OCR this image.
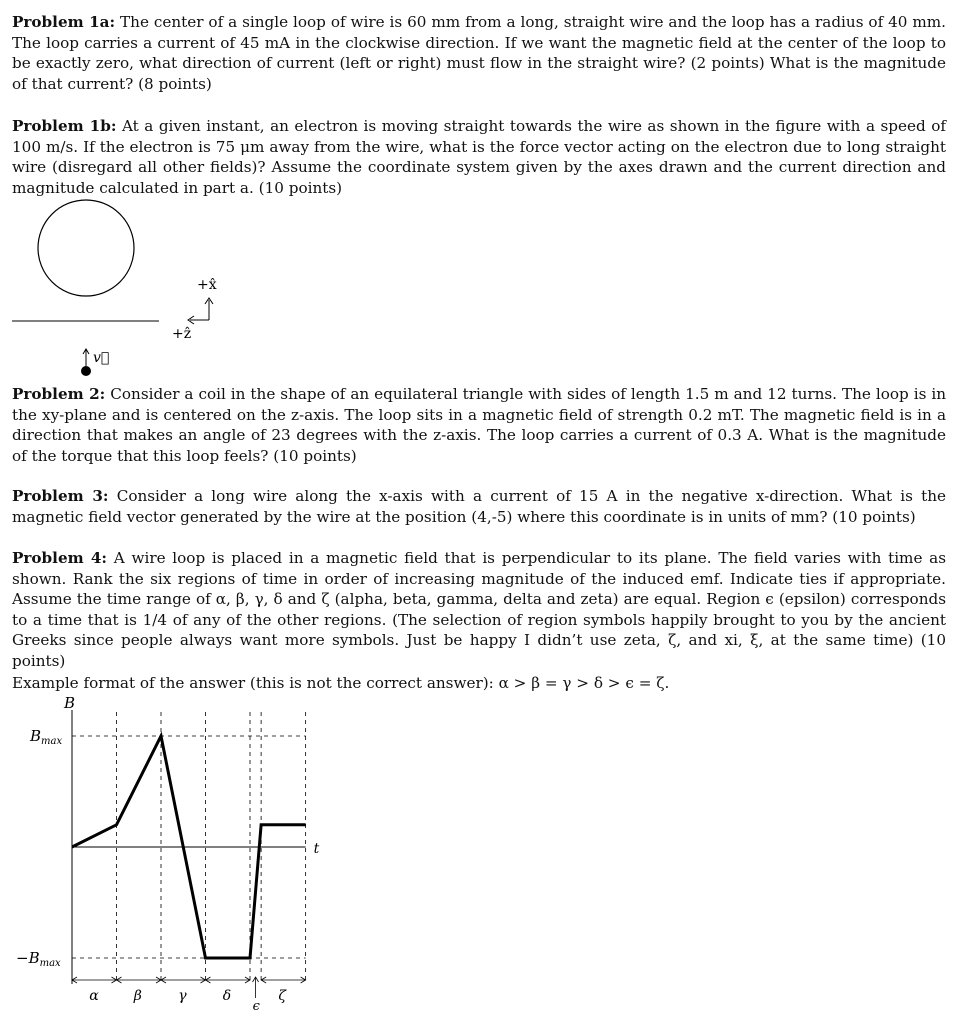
Problem 1a: The center of a single loop of wire is 60 mm from a long, straight wire and the loop has a radius of 40 mm. The loop carries a current of 45 mA in the clockwise direction. If we want the magnetic field at the center of the loop to be exactly zero, what direction of current (left or right) must flow in the straight wire? (2 points) What is the magnitude of that current? (8 points)

Problem 1b: At a given instant, an electron is moving straight towards the wire as shown in the figure with a speed of 100 m/s. If the electron is 75 μm away from the wire, what is the force vector acting on the electron due to long straight wire (disregard all other fields)? Assume the coordinate system given by the axes drawn and the current direction and magnitude calculated in part a. (10 points)

+x̂
+ẑ
v⃗

Problem 2: Consider a coil in the shape of an equilateral triangle with sides of length 1.5 m and 12 turns. The loop is in the xy-plane and is centered on the z-axis. The loop sits in a magnetic field of strength 0.2 mT. The magnetic field is in a direction that makes an angle of 23 degrees with the z-axis. The loop carries a current of 0.3 A. What is the magnitude of the torque that this loop feels? (10 points)

Problem 3: Consider a long wire along the x-axis with a current of 15 A in the negative x-direction. What is the magnetic field vector generated by the wire at the position (4,-5) where this coordinate is in units of mm? (10 points)

Problem 4: A wire loop is placed in a magnetic field that is perpendicular to its plane. The field varies with time as shown. Rank the six regions of time in order of increasing magnitude of the induced emf. Indicate ties if appropriate. Assume the time range of α, β, γ, δ and ζ (alpha, beta, gamma, delta and zeta) are equal. Region ϵ (epsilon) corresponds to a time that is 1/4 of any of the other regions. (The selection of region symbols happily brought to you by the ancient Greeks since people always want more symbols. Just be happy I didn’t use zeta, ζ, and xi, ξ, at the same time) (10 points)

Example format of the answer (this is not the correct answer): α > β = γ > δ > ϵ = ζ.

B
t
$B_{max}$
$-B_{max}$
α	β	γ	δ
ϵ
ζ
